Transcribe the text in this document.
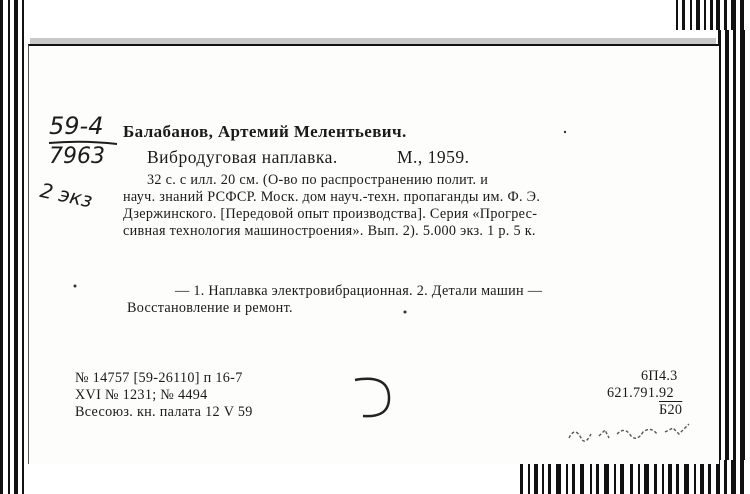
59-4
7963
2 экз
Балабанов, Артемий Мелентьевич.
Вибродуговая наплавка.	М., 1959.
32 с. с илл. 20 см. (О-во по распространению полит. и
науч. знаний РСФСР. Моск. дом науч.-техн. пропаганды им. Ф. Э.
Дзержинского. [Передовой опыт производства]. Серия «Прогрес-
сивная технология машиностроения». Вып. 2). 5.000 экз. 1 р. 5 к.
— 1. Наплавка электровибрационная. 2. Детали машин —
Восстановление и ремонт.
№ 14757 [59-26110] п 16-7
XVI № 1231; № 4494
Всесоюз. кн. палата 12 V 59
6П4.3
621.791.92
Б20
